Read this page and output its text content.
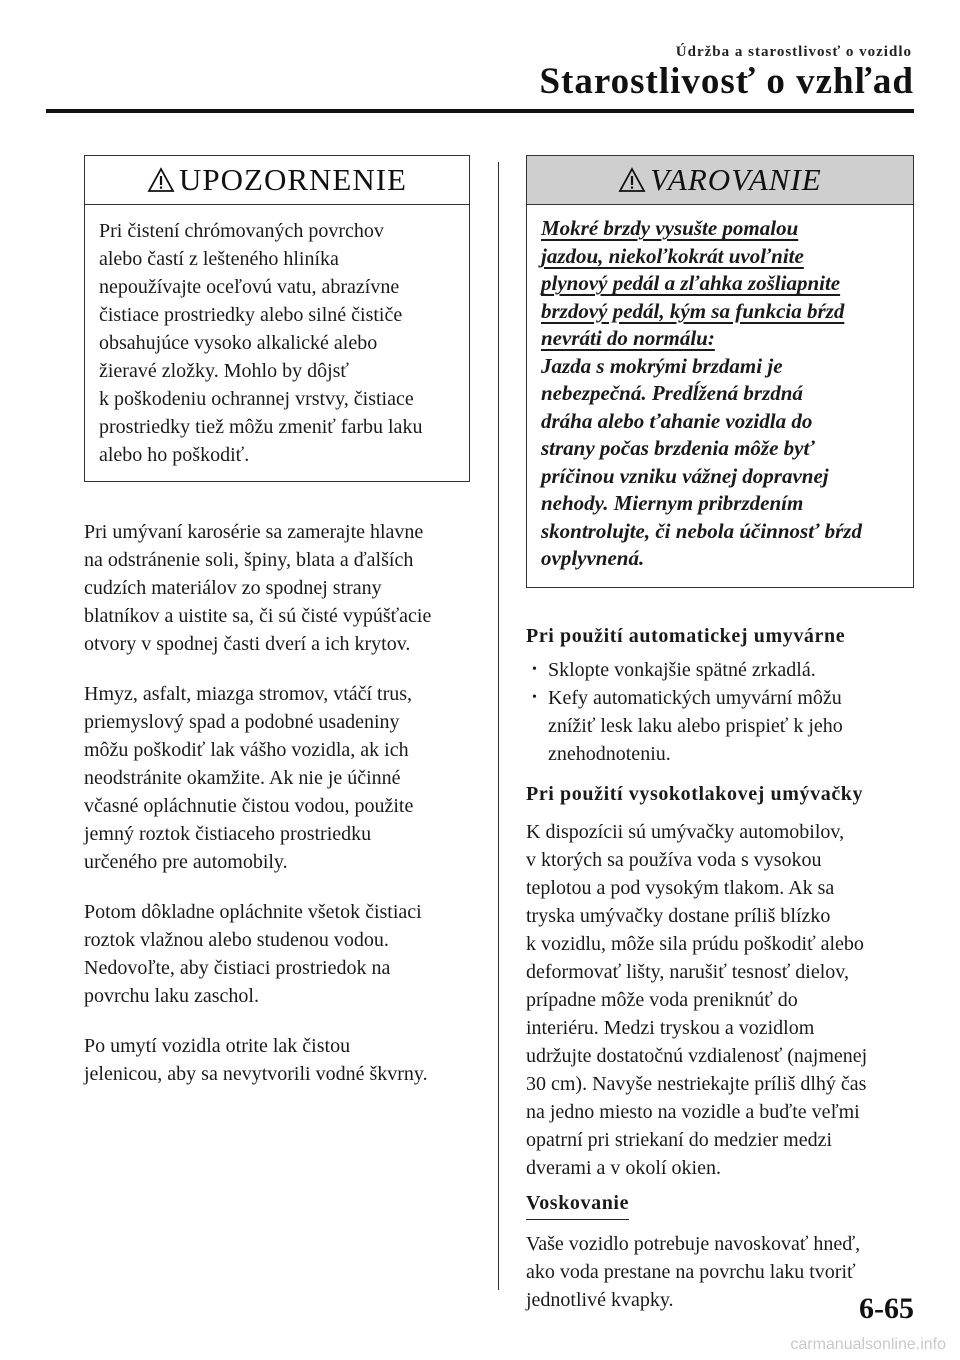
Údržba a starostlivosť o vozidlo
Starostlivosť o vzhľad
UPOZORNENIE
Pri čistení chrómovaných povrchov
alebo častí z lešteného hliníka
nepoužívajte oceľovú vatu, abrazívne
čistiace prostriedky alebo silné čističe
obsahujúce vysoko alkalické alebo
žieravé zložky. Mohlo by dôjsť
k poškodeniu ochrannej vrstvy, čistiace
prostriedky tiež môžu zmeniť farbu laku
alebo ho poškodiť.
Pri umývaní karosérie sa zamerajte hlavne
na odstránenie soli, špiny, blata a ďalších
cudzích materiálov zo spodnej strany
blatníkov a uistite sa, či sú čisté vypúšťacie
otvory v spodnej časti dverí a ich krytov.
Hmyz, asfalt, miazga stromov, vtáčí trus,
priemyslový spad a podobné usadeniny
môžu poškodiť lak vášho vozidla, ak ich
neodstránite okamžite. Ak nie je účinné
včasné opláchnutie čistou vodou, použite
jemný roztok čistiaceho prostriedku
určeného pre automobily.
Potom dôkladne opláchnite všetok čistiaci
roztok vlažnou alebo studenou vodou.
Nedovoľte, aby čistiaci prostriedok na
povrchu laku zaschol.
Po umytí vozidla otrite lak čistou
jelenicou, aby sa nevytvorili vodné škvrny.
VAROVANIE
Mokré brzdy vysušte pomalou
jazdou, niekoľkokrát uvoľnite
plynový pedál a zľahka zošliapnite
brzdový pedál, kým sa funkcia bŕzd
nevráti do normálu:
Jazda s mokrými brzdami je
nebezpečná. Predĺžená brzdná
dráha alebo ťahanie vozidla do
strany počas brzdenia môže byť
príčinou vzniku vážnej dopravnej
nehody. Miernym pribrzdením
skontrolujte, či nebola účinnosť bŕzd
ovplyvnená.
Pri použití automatickej umyvárne
• Sklopte vonkajšie spätné zrkadlá.
• Kefy automatických umyvární môžu
znížiť lesk laku alebo prispieť k jeho
znehodnoteniu.
Pri použití vysokotlakovej umývačky
K dispozícii sú umývačky automobilov,
v ktorých sa používa voda s vysokou
teplotou a pod vysokým tlakom. Ak sa
tryska umývačky dostane príliš blízko
k vozidlu, môže sila prúdu poškodiť alebo
deformovať lišty, narušiť tesnosť dielov,
prípadne môže voda preniknúť do
interiéru. Medzi tryskou a vozidlom
udržujte dostatočnú vzdialenosť (najmenej
30 cm). Navyše nestriekajte príliš dlhý čas
na jedno miesto na vozidle a buďte veľmi
opatrní pri striekaní do medzier medzi
dverami a v okolí okien.
Voskovanie
Vaše vozidlo potrebuje navoskovať hneď,
ako voda prestane na povrchu laku tvoriť
jednotlivé kvapky.	6-65
carmanualsonline.info
